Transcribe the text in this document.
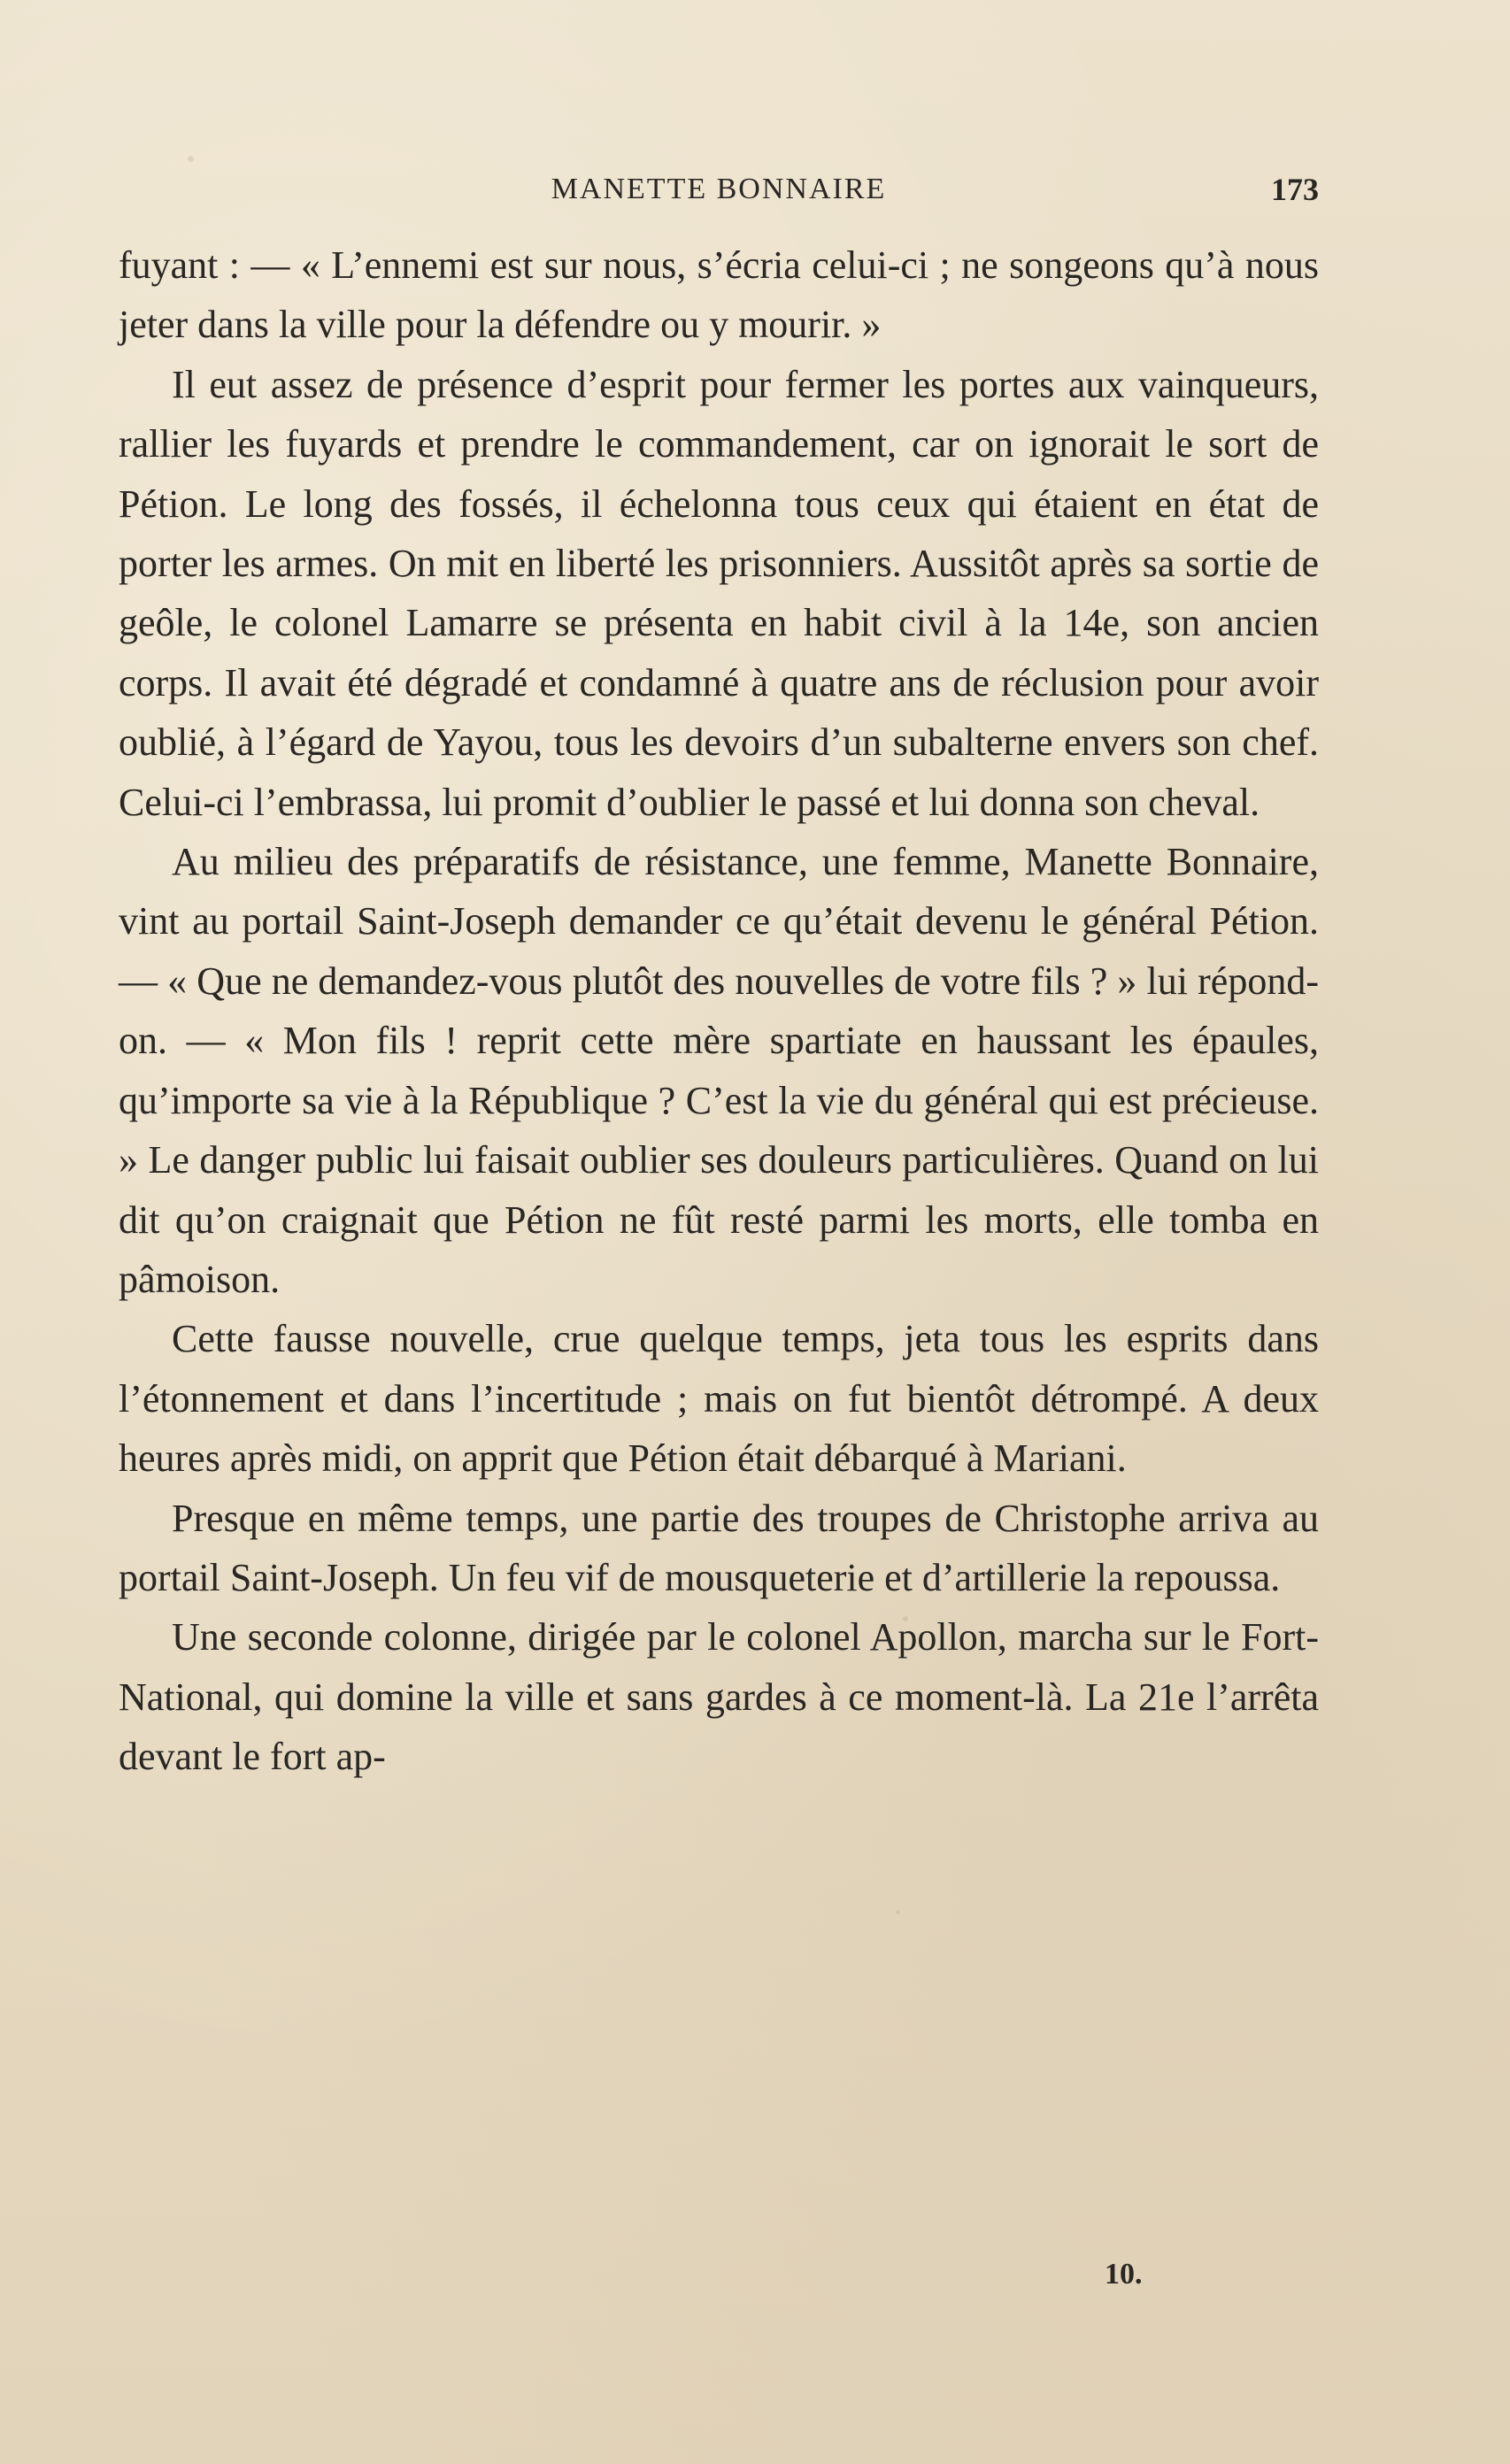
MANETTE BONNAIRE	173

fuyant : — « L’ennemi est sur nous, s’écria celui-ci ; ne songeons qu’à nous jeter dans la ville pour la défendre ou y mourir. »

Il eut assez de présence d’esprit pour fermer les portes aux vainqueurs, rallier les fuyards et prendre le commandement, car on ignorait le sort de Pétion. Le long des fossés, il échelonna tous ceux qui étaient en état de porter les armes. On mit en liberté les prisonniers. Aussitôt après sa sortie de geôle, le colonel Lamarre se présenta en habit civil à la 14e, son ancien corps. Il avait été dégradé et condamné à quatre ans de réclusion pour avoir oublié, à l’égard de Yayou, tous les devoirs d’un subalterne envers son chef. Celui-ci l’embrassa, lui promit d’oublier le passé et lui donna son cheval.

Au milieu des préparatifs de résistance, une femme, Manette Bonnaire, vint au portail Saint-Joseph demander ce qu’était devenu le général Pétion. — « Que ne demandez-vous plutôt des nouvelles de votre fils ? » lui répond-on. — « Mon fils ! reprit cette mère spartiate en haussant les épaules, qu’importe sa vie à la République ? C’est la vie du général qui est précieuse. » Le danger public lui faisait oublier ses douleurs particulières. Quand on lui dit qu’on craignait que Pétion ne fût resté parmi les morts, elle tomba en pâmoison.

Cette fausse nouvelle, crue quelque temps, jeta tous les esprits dans l’étonnement et dans l’incertitude ; mais on fut bientôt détrompé. A deux heures après midi, on apprit que Pétion était débarqué à Mariani.

Presque en même temps, une partie des troupes de Christophe arriva au portail Saint-Joseph. Un feu vif de mousqueterie et d’artillerie la repoussa.

Une seconde colonne, dirigée par le colonel Apollon, marcha sur le Fort-National, qui domine la ville et sans gardes à ce moment-là. La 21e l’arrêta devant le fort ap-

10.
